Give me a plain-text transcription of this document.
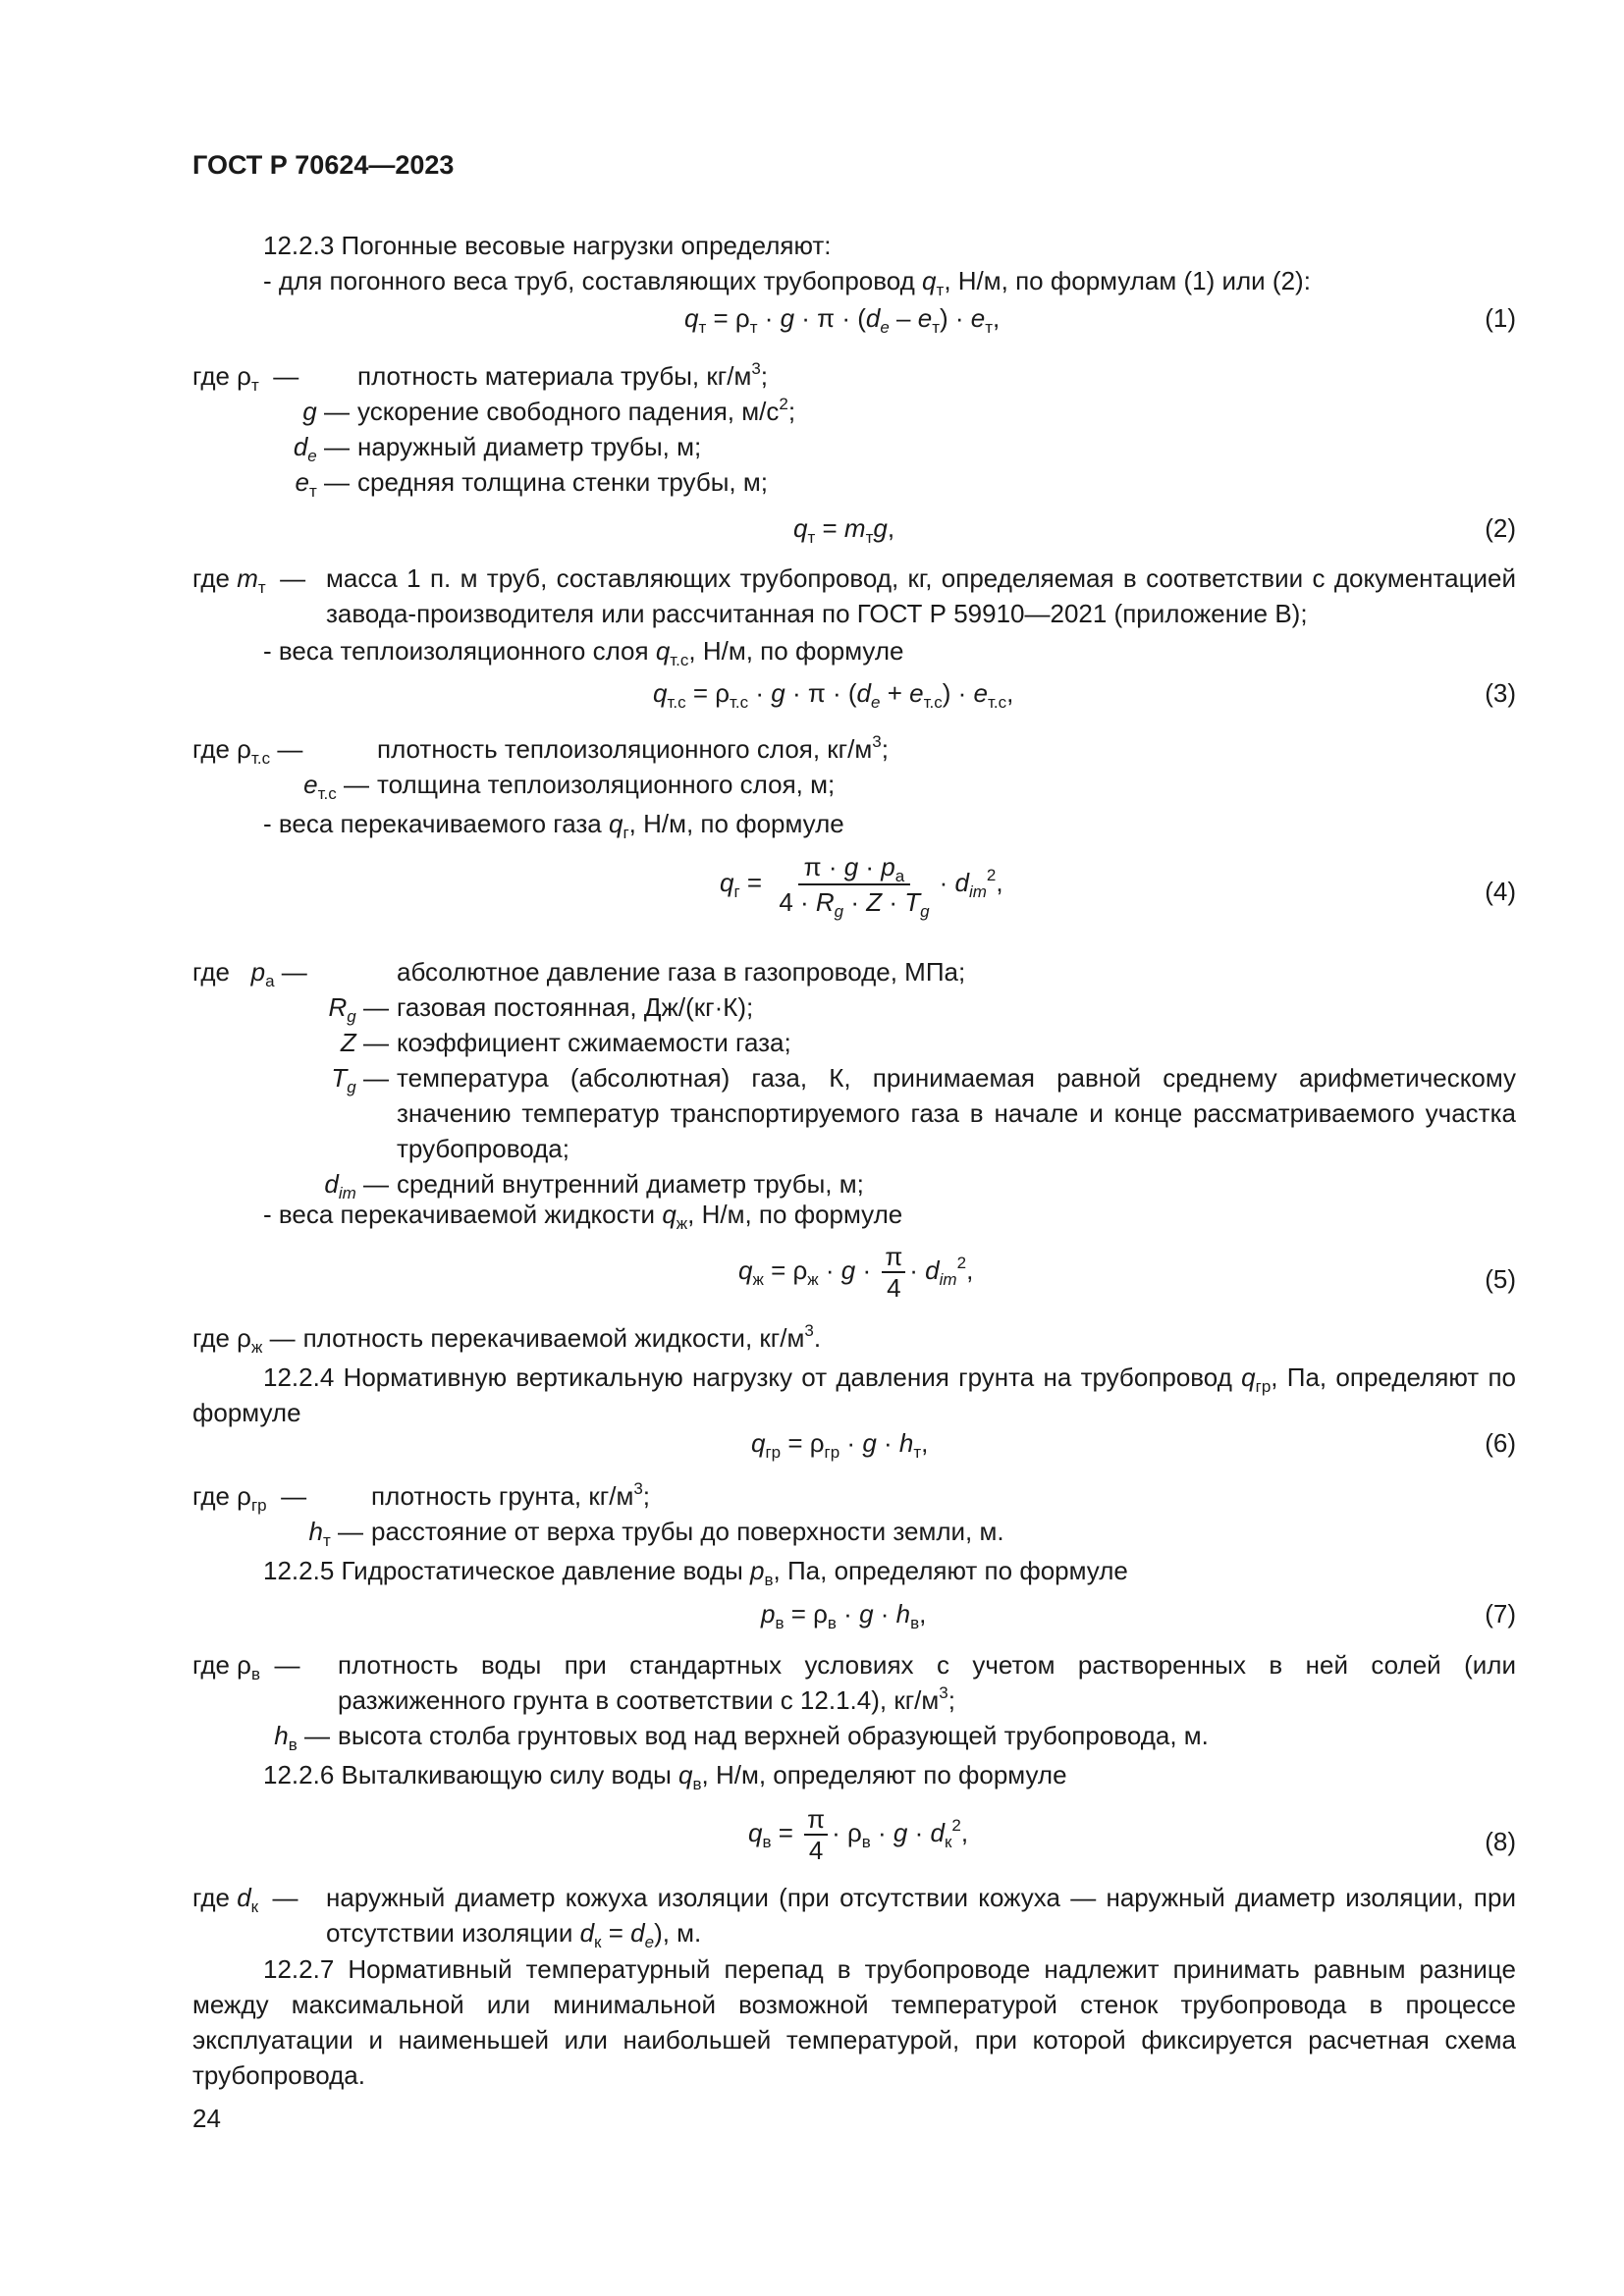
ГОСТ Р 70624—2023
12.2.3 Погонные весовые нагрузки определяют:
- для погонного веса труб, составляющих трубопровод $q_т$, Н/м, по формулам (1) или (2):
$q_т = \rho_т \cdot g \cdot \pi \cdot (d_e - e_т) \cdot e_т$,	(1)
где $\rho_т$  —	плотность материала трубы, $кг/м^3$;
g — ускорение свободного падения, $м/с^2$;
$d_e$ — наружный диаметр трубы, м;
$e_т$ — средняя толщина стенки трубы, м;
$q_т = m_тg$,	(2)
где $m_т$  — масса 1 п. м труб, составляющих трубопровод, кг, определяемая в соответствии с документацией завода-производителя или рассчитанная по ГОСТ Р 59910—2021 (приложение В);
- веса теплоизоляционного слоя $q_{т.с}$, Н/м, по формуле
$q_{т.с} = \rho_{т.с} \cdot g \cdot \pi \cdot (d_e + e_{т.с}) \cdot e_{т.с}$,	(3)
где $\rho_{т.с}$ —	плотность теплоизоляционного слоя, $кг/м^3$;
$e_{т.с}$ — толщина теплоизоляционного слоя, м;
- веса перекачиваемого газа $q_г$, Н/м, по формуле
$q_г = \frac{\pi \cdot g \cdot p_a}{4 \cdot R_g \cdot Z \cdot T_g} \cdot d_{im}^2$,	(4)
где $p_a$ —	абсолютное давление газа в газопроводе, МПа;
$R_g$ — газовая постоянная, Дж/(кг·К);
Z — коэффициент сжимаемости газа;
$T_g$ — температура (абсолютная) газа, К, принимаемая равной среднему арифметическому значению температур транспортируемого газа в начале и конце рассматриваемого участка трубопровода;
$d_{im}$ — средний внутренний диаметр трубы, м;
- веса перекачиваемой жидкости $q_ж$, Н/м, по формуле
$q_ж = \rho_ж \cdot g \cdot \frac{\pi}{4} \cdot d_{im}^2$,	(5)
где $\rho_ж$ — плотность перекачиваемой жидкости, $кг/м^3$.
12.2.4 Нормативную вертикальную нагрузку от давления грунта на трубопровод $q_{гр}$, Па, определяют по формуле
$q_{гр} = \rho_{гр} \cdot g \cdot h_т$,	(6)
где $\rho_{гр}$  —	плотность грунта, $кг/м^3$;
$h_т$ — расстояние от верха трубы до поверхности земли, м.
12.2.5 Гидростатическое давление воды $p_в$, Па, определяют по формуле
$p_в = \rho_в \cdot g \cdot h_в$,	(7)
где $\rho_в$  —	плотность воды при стандартных условиях с учетом растворенных в ней солей (или разжиженного грунта в соответствии с 12.1.4), $кг/м^3$;
$h_в$ — высота столба грунтовых вод над верхней образующей трубопровода, м.
12.2.6 Выталкивающую силу воды $q_в$, Н/м, определяют по формуле
$q_в = \frac{\pi}{4} \cdot \rho_в \cdot g \cdot d_к^2$,	(8)
где $d_к$  —	наружный диаметр кожуха изоляции (при отсутствии кожуха — наружный диаметр изоляции, при отсутствии изоляции $d_к = d_e$), м.
12.2.7 Нормативный температурный перепад в трубопроводе надлежит принимать равным разнице между максимальной или минимальной возможной температурой стенок трубопровода в процессе эксплуатации и наименьшей или наибольшей температурой, при которой фиксируется расчетная схема трубопровода.
24
